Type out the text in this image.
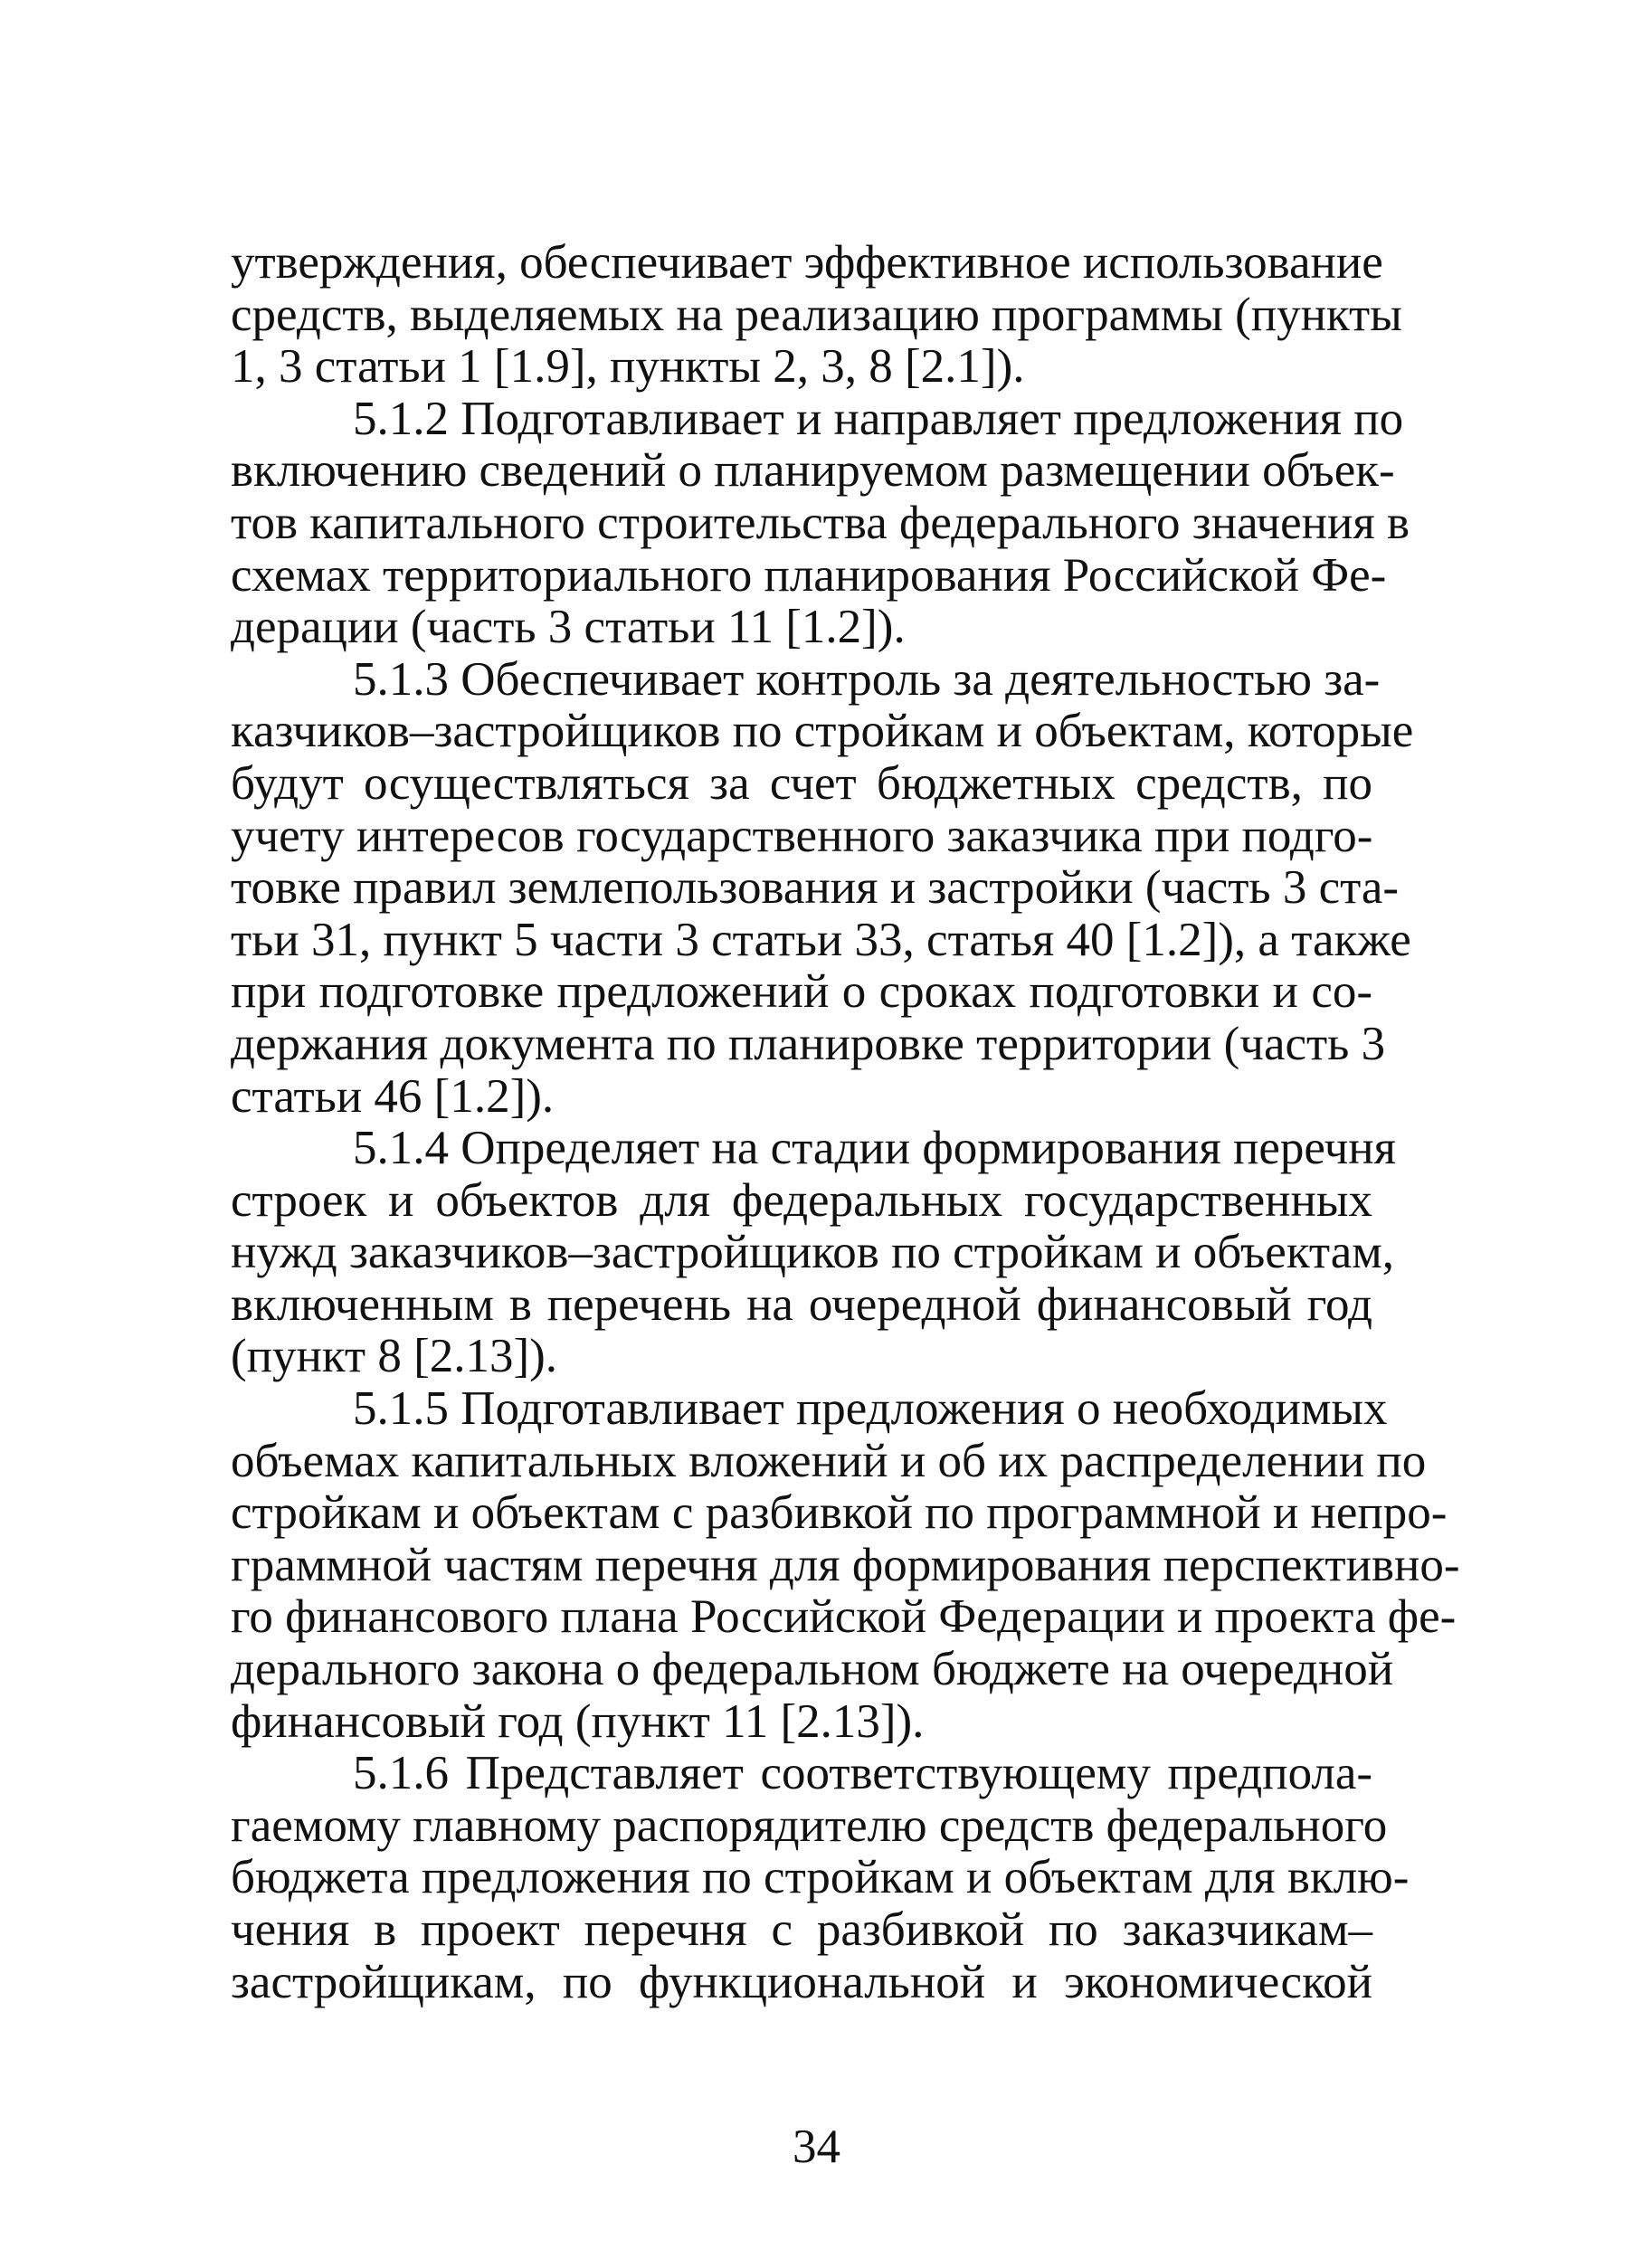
утверждения, обеспечивает эффективное использование
средств, выделяемых на реализацию программы (пункты
1, 3 статьи 1 [1.9], пункты 2, 3, 8 [2.1]).
5.1.2 Подготавливает и направляет предложения по
включению сведений о планируемом размещении объек-
тов капитального строительства федерального значения в
схемах территориального планирования Российской Фе-
дерации (часть 3 статьи 11 [1.2]).
5.1.3 Обеспечивает контроль за деятельностью за-
казчиков–застройщиков по стройкам и объектам, которые
будут осуществляться за счет бюджетных средств, по
учету интересов государственного заказчика при подго-
товке правил землепользования и застройки (часть 3 ста-
тьи 31, пункт 5 части 3 статьи 33, статья 40 [1.2]), а также
при подготовке предложений о сроках подготовки и со-
держания документа по планировке территории (часть 3
статьи 46 [1.2]).
5.1.4 Определяет на стадии формирования перечня
строек и объектов для федеральных государственных
нужд заказчиков–застройщиков по стройкам и объектам,
включенным в перечень на очередной финансовый год
(пункт 8 [2.13]).
5.1.5 Подготавливает предложения о необходимых
объемах капитальных вложений и об их распределении по
стройкам и объектам с разбивкой по программной и непро-
граммной частям перечня для формирования перспективно-
го финансового плана Российской Федерации и проекта фе-
дерального закона о федеральном бюджете на очередной
финансовый год (пункт 11 [2.13]).
5.1.6 Представляет соответствующему предпола-
гаемому главному распорядителю средств федерального
бюджета предложения по стройкам и объектам для вклю-
чения в проект перечня с разбивкой по заказчикам–
застройщикам, по функциональной и экономической
34
